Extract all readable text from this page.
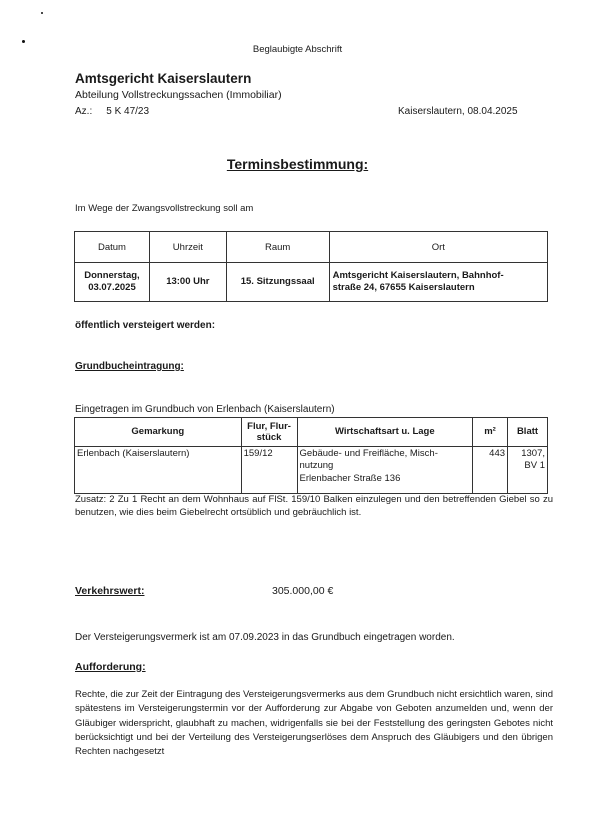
Beglaubigte Abschrift
Amtsgericht Kaiserslautern
Abteilung Vollstreckungssachen (Immobiliar)
Az.: 5 K 47/23	Kaiserslautern, 08.04.2025
Terminsbestimmung:
Im Wege der Zwangsvollstreckung soll am
Datum	Uhrzeit	Raum	Ort
Donnerstag,
03.07.2025	13:00 Uhr	15. Sitzungssaal	Amtsgericht Kaiserslautern, Bahnhof-
straße 24, 67655 Kaiserslautern
öffentlich versteigert werden:
Grundbucheintragung:
Eingetragen im Grundbuch von Erlenbach (Kaiserslautern)
Gemarkung	Flur, Flur-
stück	Wirtschaftsart u. Lage	m²	Blatt
Erlenbach (Kaiserslautern)	159/12	Gebäude- und Freifläche, Misch-
nutzung
Erlenbacher Straße 136	443	1307,
BV 1
Zusatz: 2 Zu 1 Recht an dem Wohnhaus auf FlSt. 159/10 Balken einzulegen und den betreffenden Giebel so zu benutzen, wie dies beim Giebelrecht ortsüblich und gebräuchlich ist.
Verkehrswert:	305.000,00 €
Der Versteigerungsvermerk ist am 07.09.2023 in das Grundbuch eingetragen worden.
Aufforderung:
Rechte, die zur Zeit der Eintragung des Versteigerungsvermerks aus dem Grundbuch nicht ersichtlich waren, sind spätestens im Versteigerungstermin vor der Aufforderung zur Abgabe von Geboten anzumelden und, wenn der Gläubiger widerspricht, glaubhaft zu machen, widrigenfalls sie bei der Feststellung des geringsten Gebotes nicht berücksichtigt und bei der Verteilung des Versteigerungserlöses dem Anspruch des Gläubigers und den übrigen Rechten nachgesetzt
